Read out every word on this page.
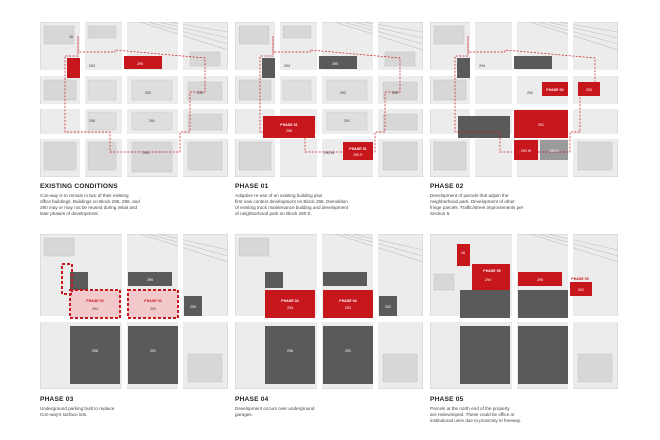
16
294	295
292	293
296	291
290
EXISTING CONDITIONS
Con-way is to remain in two of their existing
office buildings. Buildings on Block 295, 296, and
290 may or may not be reused during initial and
later phases of development.
PHASE 01
296
PHASE 01
290 E
290 W
291
292	293
294	295
PHASE 01
Adaptive re-use of an existing building plus
first new context development on Block 296. Demolition
of existing truck maintenance building and development
of neighborhood park on Block 290 E.
PHASE 02
291
290 W	290 E
292
293
294
PHASE 02
Development of parcels that adjoin the
neighborhood park. Development of other
fringe parcels. Traffic/street improvements per
Section 6.
PHASE 03	PHASE 03
294
295
292	293
296	291
PHASE 03
Underground parking built to replace
Con-way's surface lots.
PHASE 04
294
PHASE 04
293	292
296	291
PHASE 04
Development occurs over underground
garages.
PHASE 05
PHASE 05
16
294	295
292
PHASE 05
Parcels at the north end of the property
are redeveloped. These could be office or
institutional uses due to proximity to freeway.
